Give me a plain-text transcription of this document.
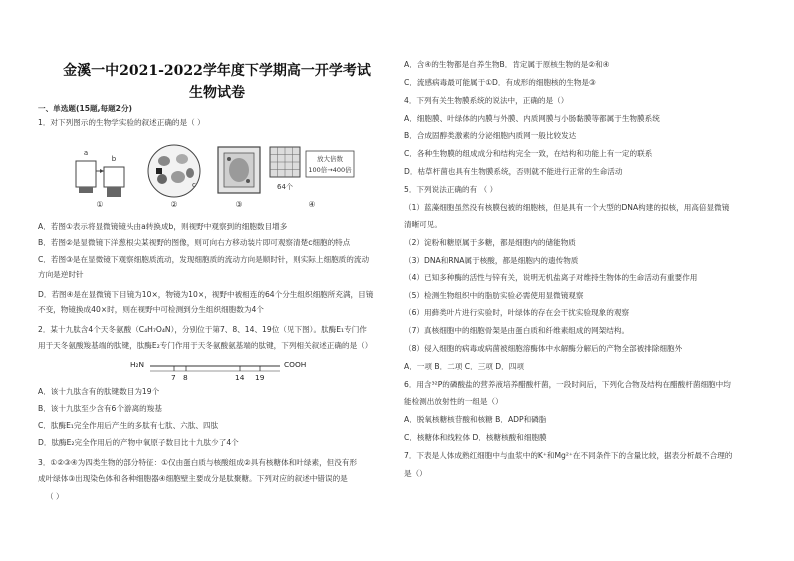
金溪一中2021-2022学年度下学期高一开学考试
生物试卷
一、单选题(15题,每题2分)
1．对下列图示的生物学实验的叙述正确的是（ ）
A．若图①表示将显微镜镜头由a转换成b，则视野中观察到的细胞数目增多
B．若图②是显微镜下洋葱根尖某视野的图像，则可向右方移动装片即可观察清楚c细胞的特点
C．若图③是在显微镜下观察细胞质流动，发现细胞质的流动方向是顺时针，则实际上细胞质的流动
方向是逆时针
D．若图④是在显微镜下目镜为10×，物镜为10×，视野中被相连的64个分生组织细胞所充满，目镜
不变，物镜换成40×时，则在视野中可检测到分生组织细胞数为4个
2．某十九肽含4个天冬氨酸（C₄H₇O₄N），分别位于第7、8、14、19位（见下图）。肽酶E₁专门作
用于天冬氨酸羧基端的肽键，肽酶E₂专门作用于天冬氨酸氨基端的肽键，下列相关叙述正确的是（）
A．该十九肽含有的肽键数目为19个
B．该十九肽至少含有6个游离的羧基
C．肽酶E₁完全作用后产生的多肽有七肽、六肽、四肽
D．肽酶E₂完全作用后的产物中氧原子数目比十九肽少了4个
3．①②③④为四类生物的部分特征：①仅由蛋白质与核酸组成②具有核糖体和叶绿素，但没有形
成叶绿体③出现染色体和各种细胞器④细胞壁主要成分是肽聚糖。下列对应的叙述中错误的是
（ ）
A．含④的生物都是自养生物B．肯定属于原核生物的是②和④
C．流感病毒最可能属于①D．有成形的细胞核的生物是③
4．下列有关生物膜系统的说法中，正确的是（）
A．细胞膜、叶绿体的内膜与外膜、内质网膜与小肠黏膜等都属于生物膜系统
B．合成固醇类激素的分泌细胞内质网一般比较发达
C．各种生物膜的组成成分和结构完全一致，在结构和功能上有一定的联系
D．枯草杆菌也具有生物膜系统，否则就不能进行正常的生命活动
5．下列说法正确的有 （ ）
（1）蓝藻细胞虽然没有核膜包被的细胞核，但是具有一个大型的DNA构建的拟核，用高倍显微镜
清晰可见。
（2）淀粉和糖原属于多糖，都是细胞内的储能物质
（3）DNA和RNA属于核酸，都是细胞内的遗传物质
（4）已知多种酶的活性与锌有关，说明无机盐离子对维持生物体的生命活动有重要作用
（5）检测生物组织中的脂肪实验必需使用显微镜观察
（6）用藓类叶片进行实验时，叶绿体的存在会干扰实验现象的观察
（7）真核细胞中的细胞骨架是由蛋白质和纤维素组成的网架结构。
（8）侵入细胞的病毒或病菌被细胞溶酶体中水解酶分解后的产物全部被排除细胞外
A．一项 B．二项 C．三项 D．四项
6．用含³²P的磷酸盐的营养液培养醋酸杆菌，一段时间后，下列化合物及结构在醋酸杆菌细胞中均
能检测出放射性的一组是（）
A．脱氧核糖核苷酸和核糖 B．ADP和磷脂
C．核糖体和线粒体 D．核糖核酸和细胞膜
7．下表是人体成熟红细胞中与血浆中的K⁺和Mg²⁺在不同条件下的含量比较，据表分析最不合理的
是（）
a
b
①
c
②	③
64个
放大倍数
100倍→400倍
④
H₂N	COOH
7 8	14 19
